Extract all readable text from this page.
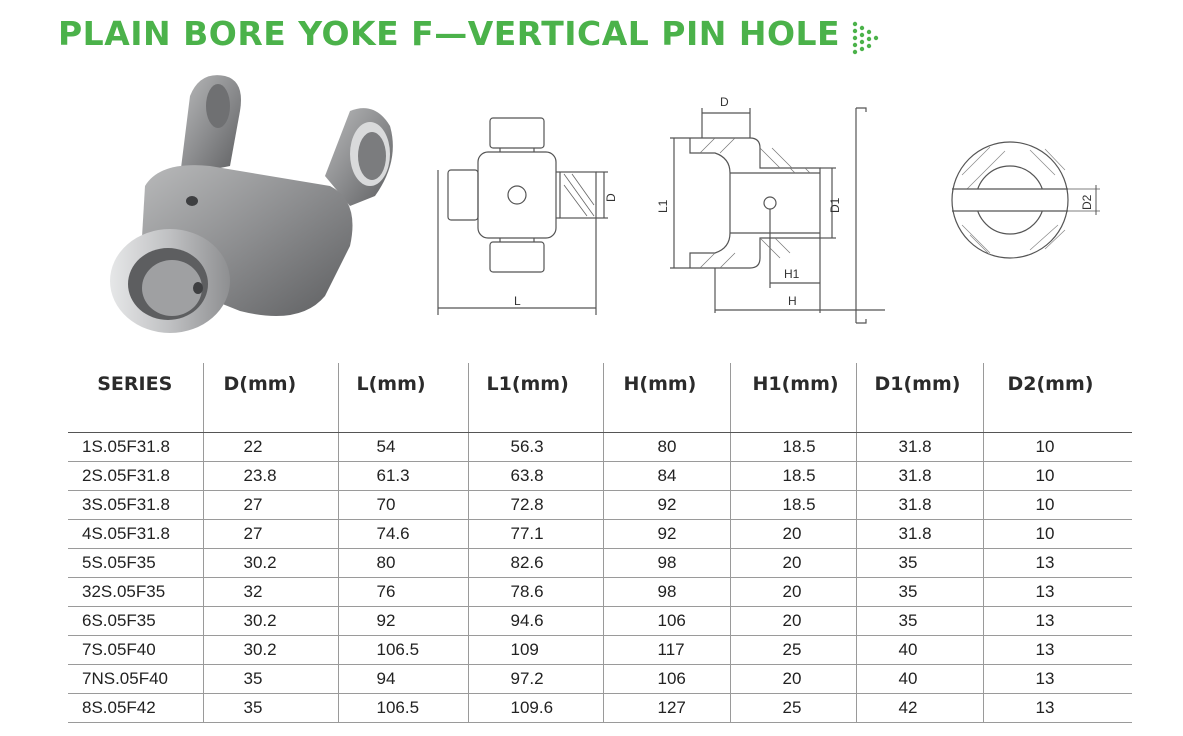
PLAIN BORE YOKE F—VERTICAL PIN HOLE
D
L
D
L1	D1
H1
H
D2
SERIES	D(mm)	L(mm)	L1(mm)	H(mm)	H1(mm)	D1(mm)	D2(mm)
1S.05F31.8	22	54	56.3	80	18.5	31.8	10
2S.05F31.8	23.8	61.3	63.8	84	18.5	31.8	10
3S.05F31.8	27	70	72.8	92	18.5	31.8	10
4S.05F31.8	27	74.6	77.1	92	20	31.8	10
5S.05F35	30.2	80	82.6	98	20	35	13
32S.05F35	32	76	78.6	98	20	35	13
6S.05F35	30.2	92	94.6	106	20	35	13
7S.05F40	30.2	106.5	109	117	25	40	13
7NS.05F40	35	94	97.2	106	20	40	13
8S.05F42	35	106.5	109.6	127	25	42	13
